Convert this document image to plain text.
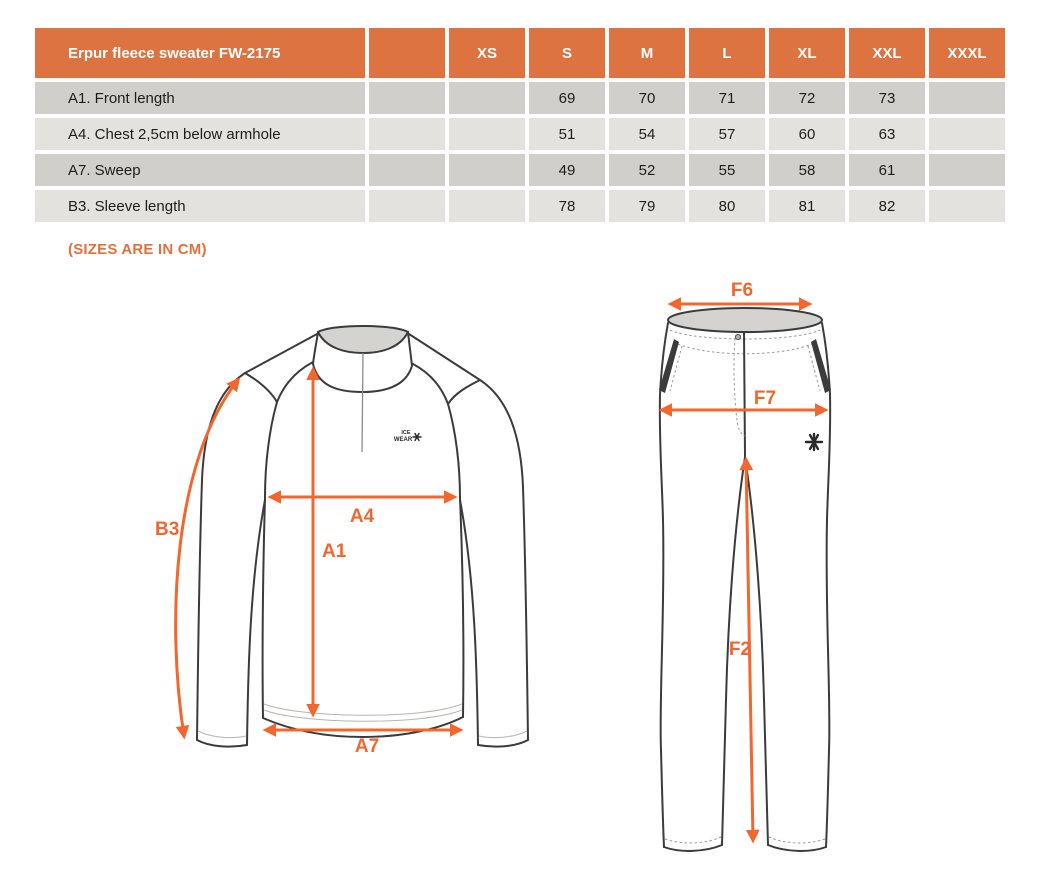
Erpur fleece sweater FW-2175		XS	S	M	L	XL	XXL	XXXL
A1. Front length			69	70	71	72	73	
A4. Chest 2,5cm below armhole			51	54	57	60	63	
A7. Sweep			49	52	55	58	61	
B3. Sleeve length			78	79	80	81	82	
(SIZES ARE IN CM)
ICE
WEAR
B3
A4
A1
A7
F6
F7
F2
